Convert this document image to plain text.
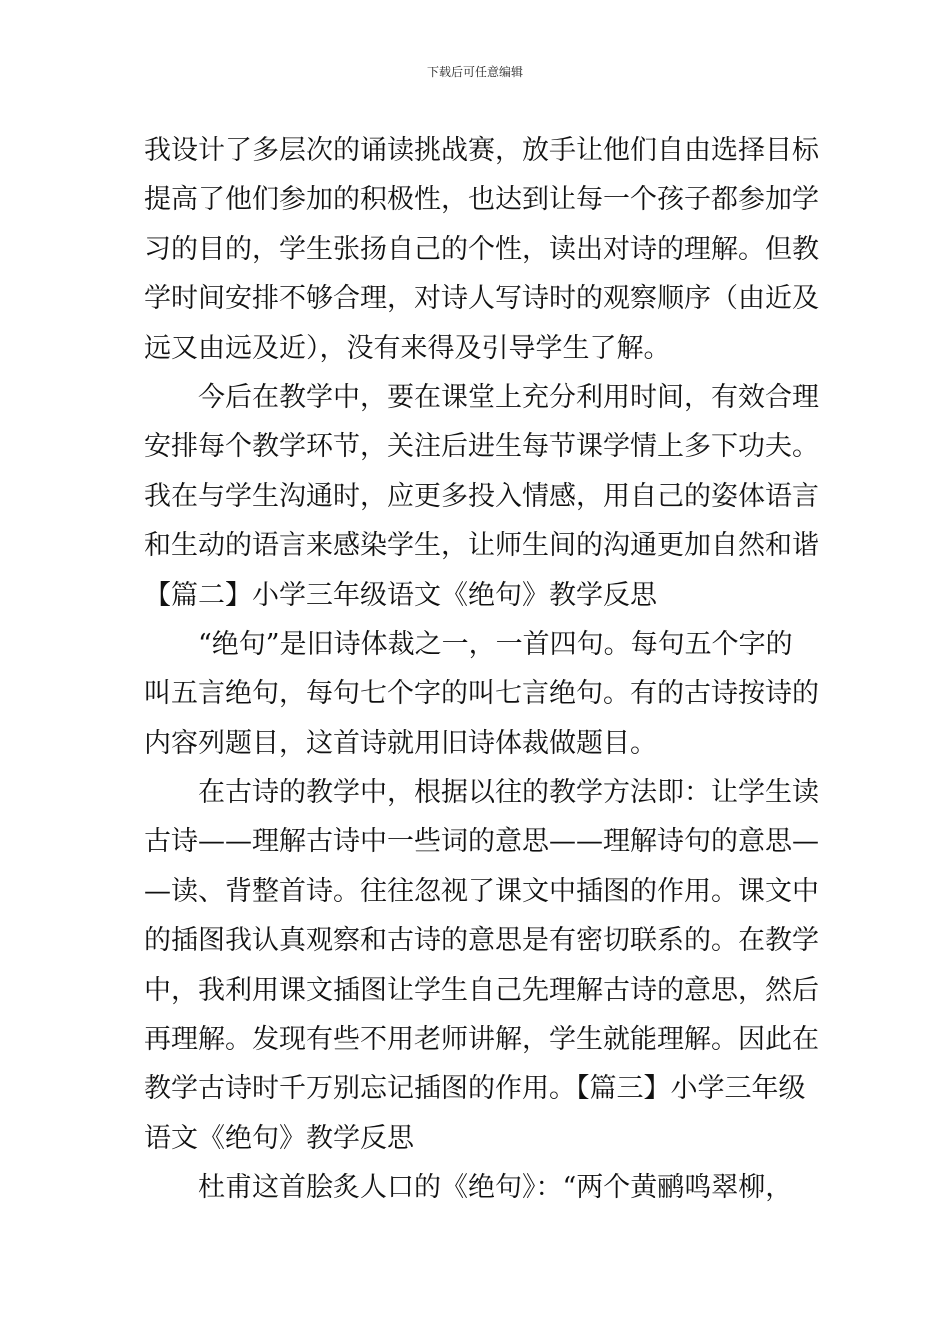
下载后可任意编辑
我设计了多层次的诵读挑战赛，放手让他们自由选择目标
提高了他们参加的积极性，也达到让每一个孩子都参加学
习的目的，学生张扬自己的个性，读出对诗的理解。但教
学时间安排不够合理，对诗人写诗时的观察顺序（由近及
远又由远及近），没有来得及引导学生了解。
　　今后在教学中，要在课堂上充分利用时间，有效合理
安排每个教学环节，关注后进生每节课学情上多下功夫。
我在与学生沟通时，应更多投入情感，用自己的姿体语言
和生动的语言来感染学生，让师生间的沟通更加自然和谐
【篇二】小学三年级语文《绝句》教学反思
　　“绝句”是旧诗体裁之一，一首四句。每句五个字的
叫五言绝句，每句七个字的叫七言绝句。有的古诗按诗的
内容列题目，这首诗就用旧诗体裁做题目。
　　在古诗的教学中，根据以往的教学方法即：让学生读
古诗——理解古诗中一些词的意思——理解诗句的意思—
—读、背整首诗。往往忽视了课文中插图的作用。课文中
的插图我认真观察和古诗的意思是有密切联系的。在教学
中，我利用课文插图让学生自己先理解古诗的意思，然后
再理解。发现有些不用老师讲解，学生就能理解。因此在
教学古诗时千万别忘记插图的作用。【篇三】小学三年级
语文《绝句》教学反思
　　杜甫这首脍炙人口的《绝句》：“两个黄鹂鸣翠柳，
